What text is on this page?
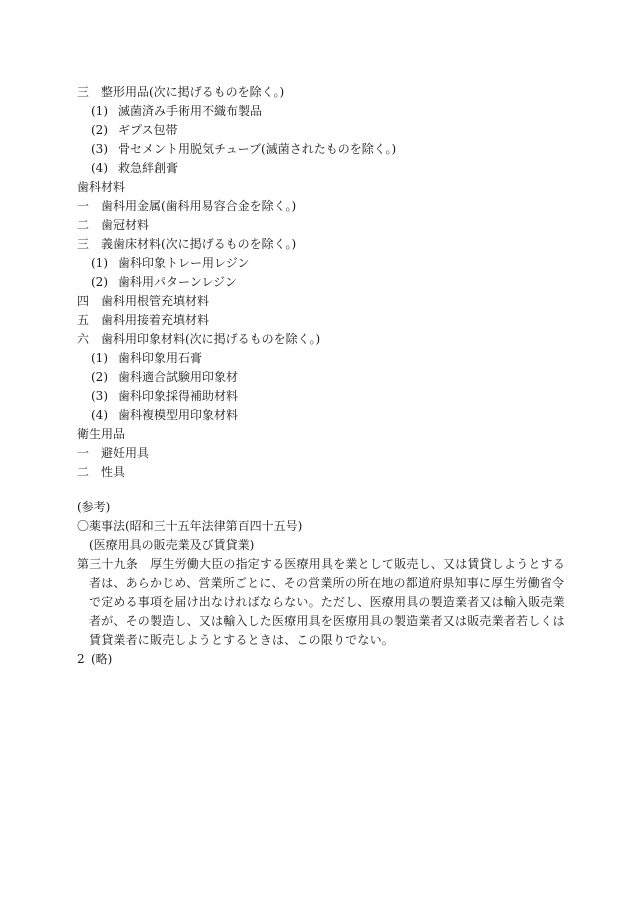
三 整形用品(次に掲げるものを除く。)
(1) 滅菌済み手術用不織布製品
(2) ギプス包帯
(3) 骨セメント用脱気チューブ(滅菌されたものを除く。)
(4) 救急絆創膏
歯科材料
一 歯科用金属(歯科用易容合金を除く。)
二 歯冠材料
三 義歯床材料(次に掲げるものを除く。)
(1) 歯科印象トレー用レジン
(2) 歯科用パターンレジン
四 歯科用根管充填材料
五 歯科用接着充填材料
六 歯科用印象材料(次に掲げるものを除く。)
(1) 歯科印象用石膏
(2) 歯科適合試験用印象材
(3) 歯科印象採得補助材料
(4) 歯科複模型用印象材料
衛生用品
一 避妊用具
二 性具
(参考)
〇薬事法(昭和三十五年法律第百四十五号)
(医療用具の販売業及び賃貸業)
第三十九条　厚生労働大臣の指定する医療用具を業として販売し、又は賃貸しようとする
者は、あらかじめ、営業所ごとに、その営業所の所在地の都道府県知事に厚生労働省令
で定める事項を届け出なければならない。ただし、医療用具の製造業者又は輸入販売業
者が、その製造し、又は輸入した医療用具を医療用具の製造業者又は販売業者若しくは
賃貸業者に販売しようとするときは、この限りでない。
2 (略)
